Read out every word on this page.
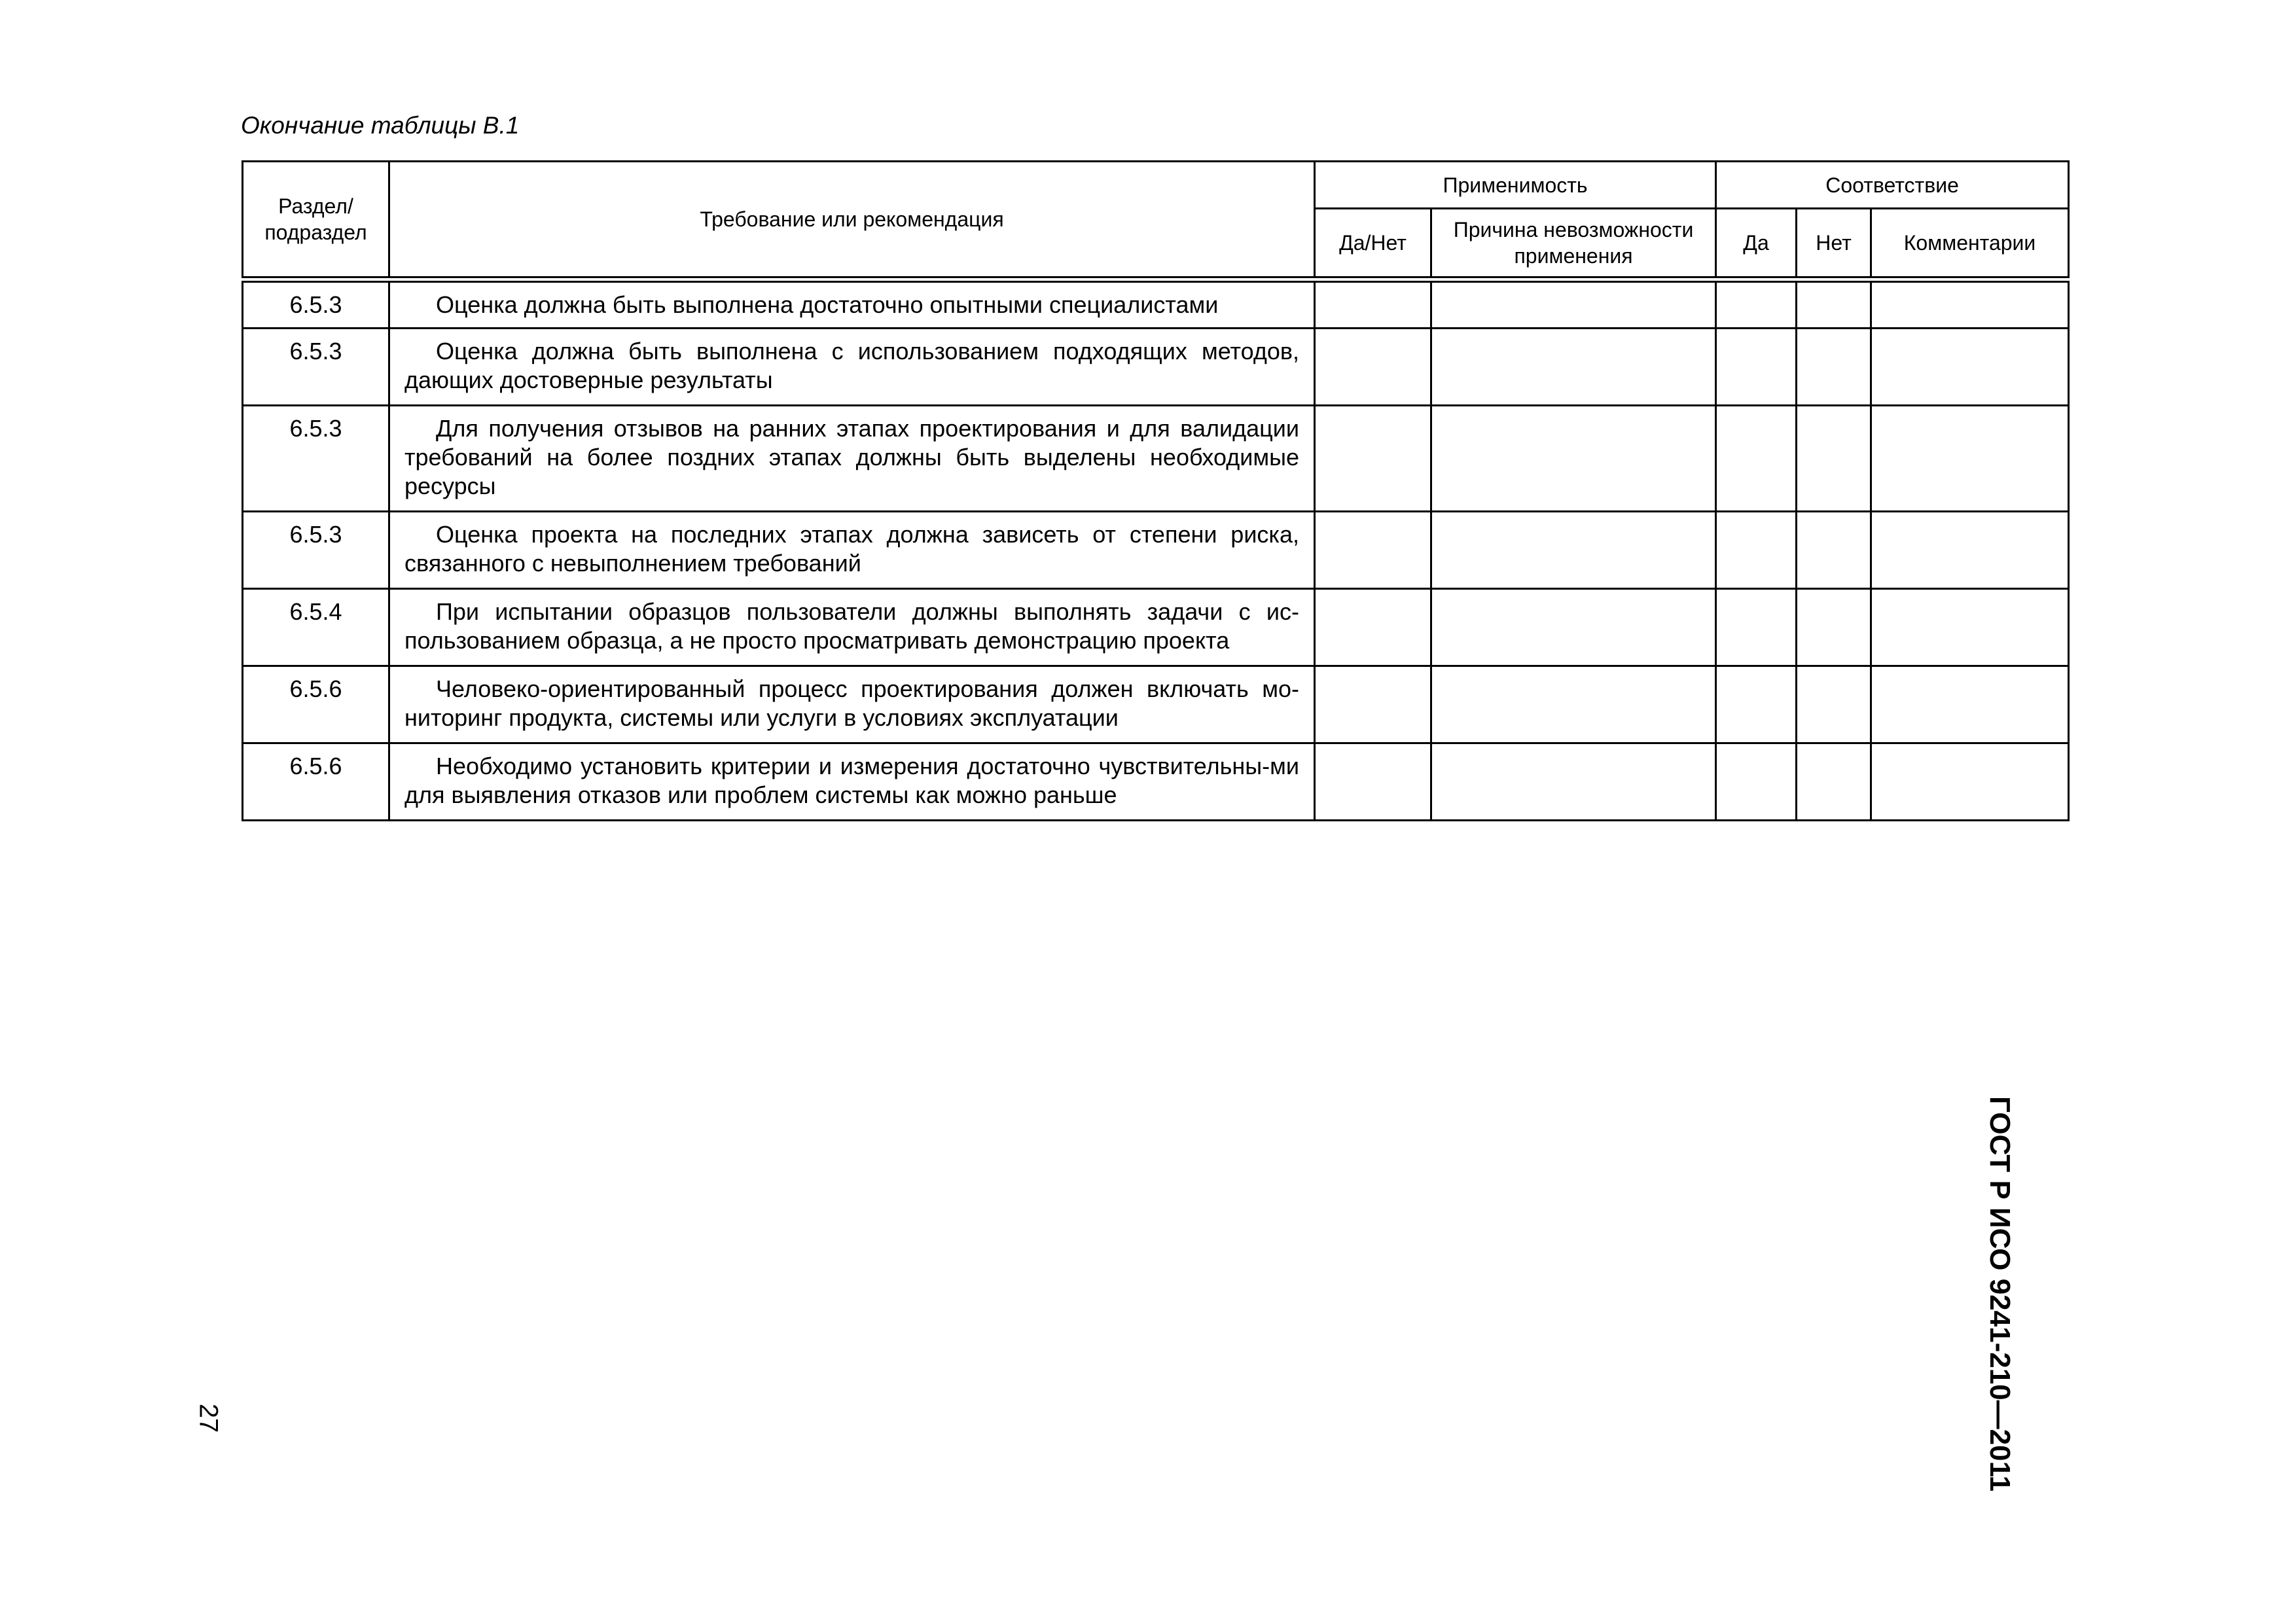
Окончание таблицы В.1
Раздел/ подраздел	Требование или рекомендация	Применимость		Соответствие		
		Да/Нет	Причина невозможности применения	Да	Нет	Комментарии
6.5.3	Оценка должна быть выполнена достаточно опытными специалистами					
6.5.3	Оценка должна быть выполнена с использованием подходящих методов, дающих достоверные результаты					
6.5.3	Для получения отзывов на ранних этапах проектирования и для валидации требований на более поздних этапах должны быть выделены необходимые ресурсы					
6.5.3	Оценка проекта на последних этапах должна зависеть от степени риска, связанного с невыполнением требований					
6.5.4	При испытании образцов пользователи должны выполнять задачи с ис-пользованием образца, а не просто просматривать демонстрацию проекта					
6.5.6	Человеко-ориентированный процесс проектирования должен включать мо-ниторинг продукта, системы или услуги в условиях эксплуатации					
6.5.6	Необходимо установить критерии и измерения достаточно чувствительны-ми для выявления отказов или проблем системы как можно раньше					
27	ГОСТ Р ИСО 9241-210—2011
